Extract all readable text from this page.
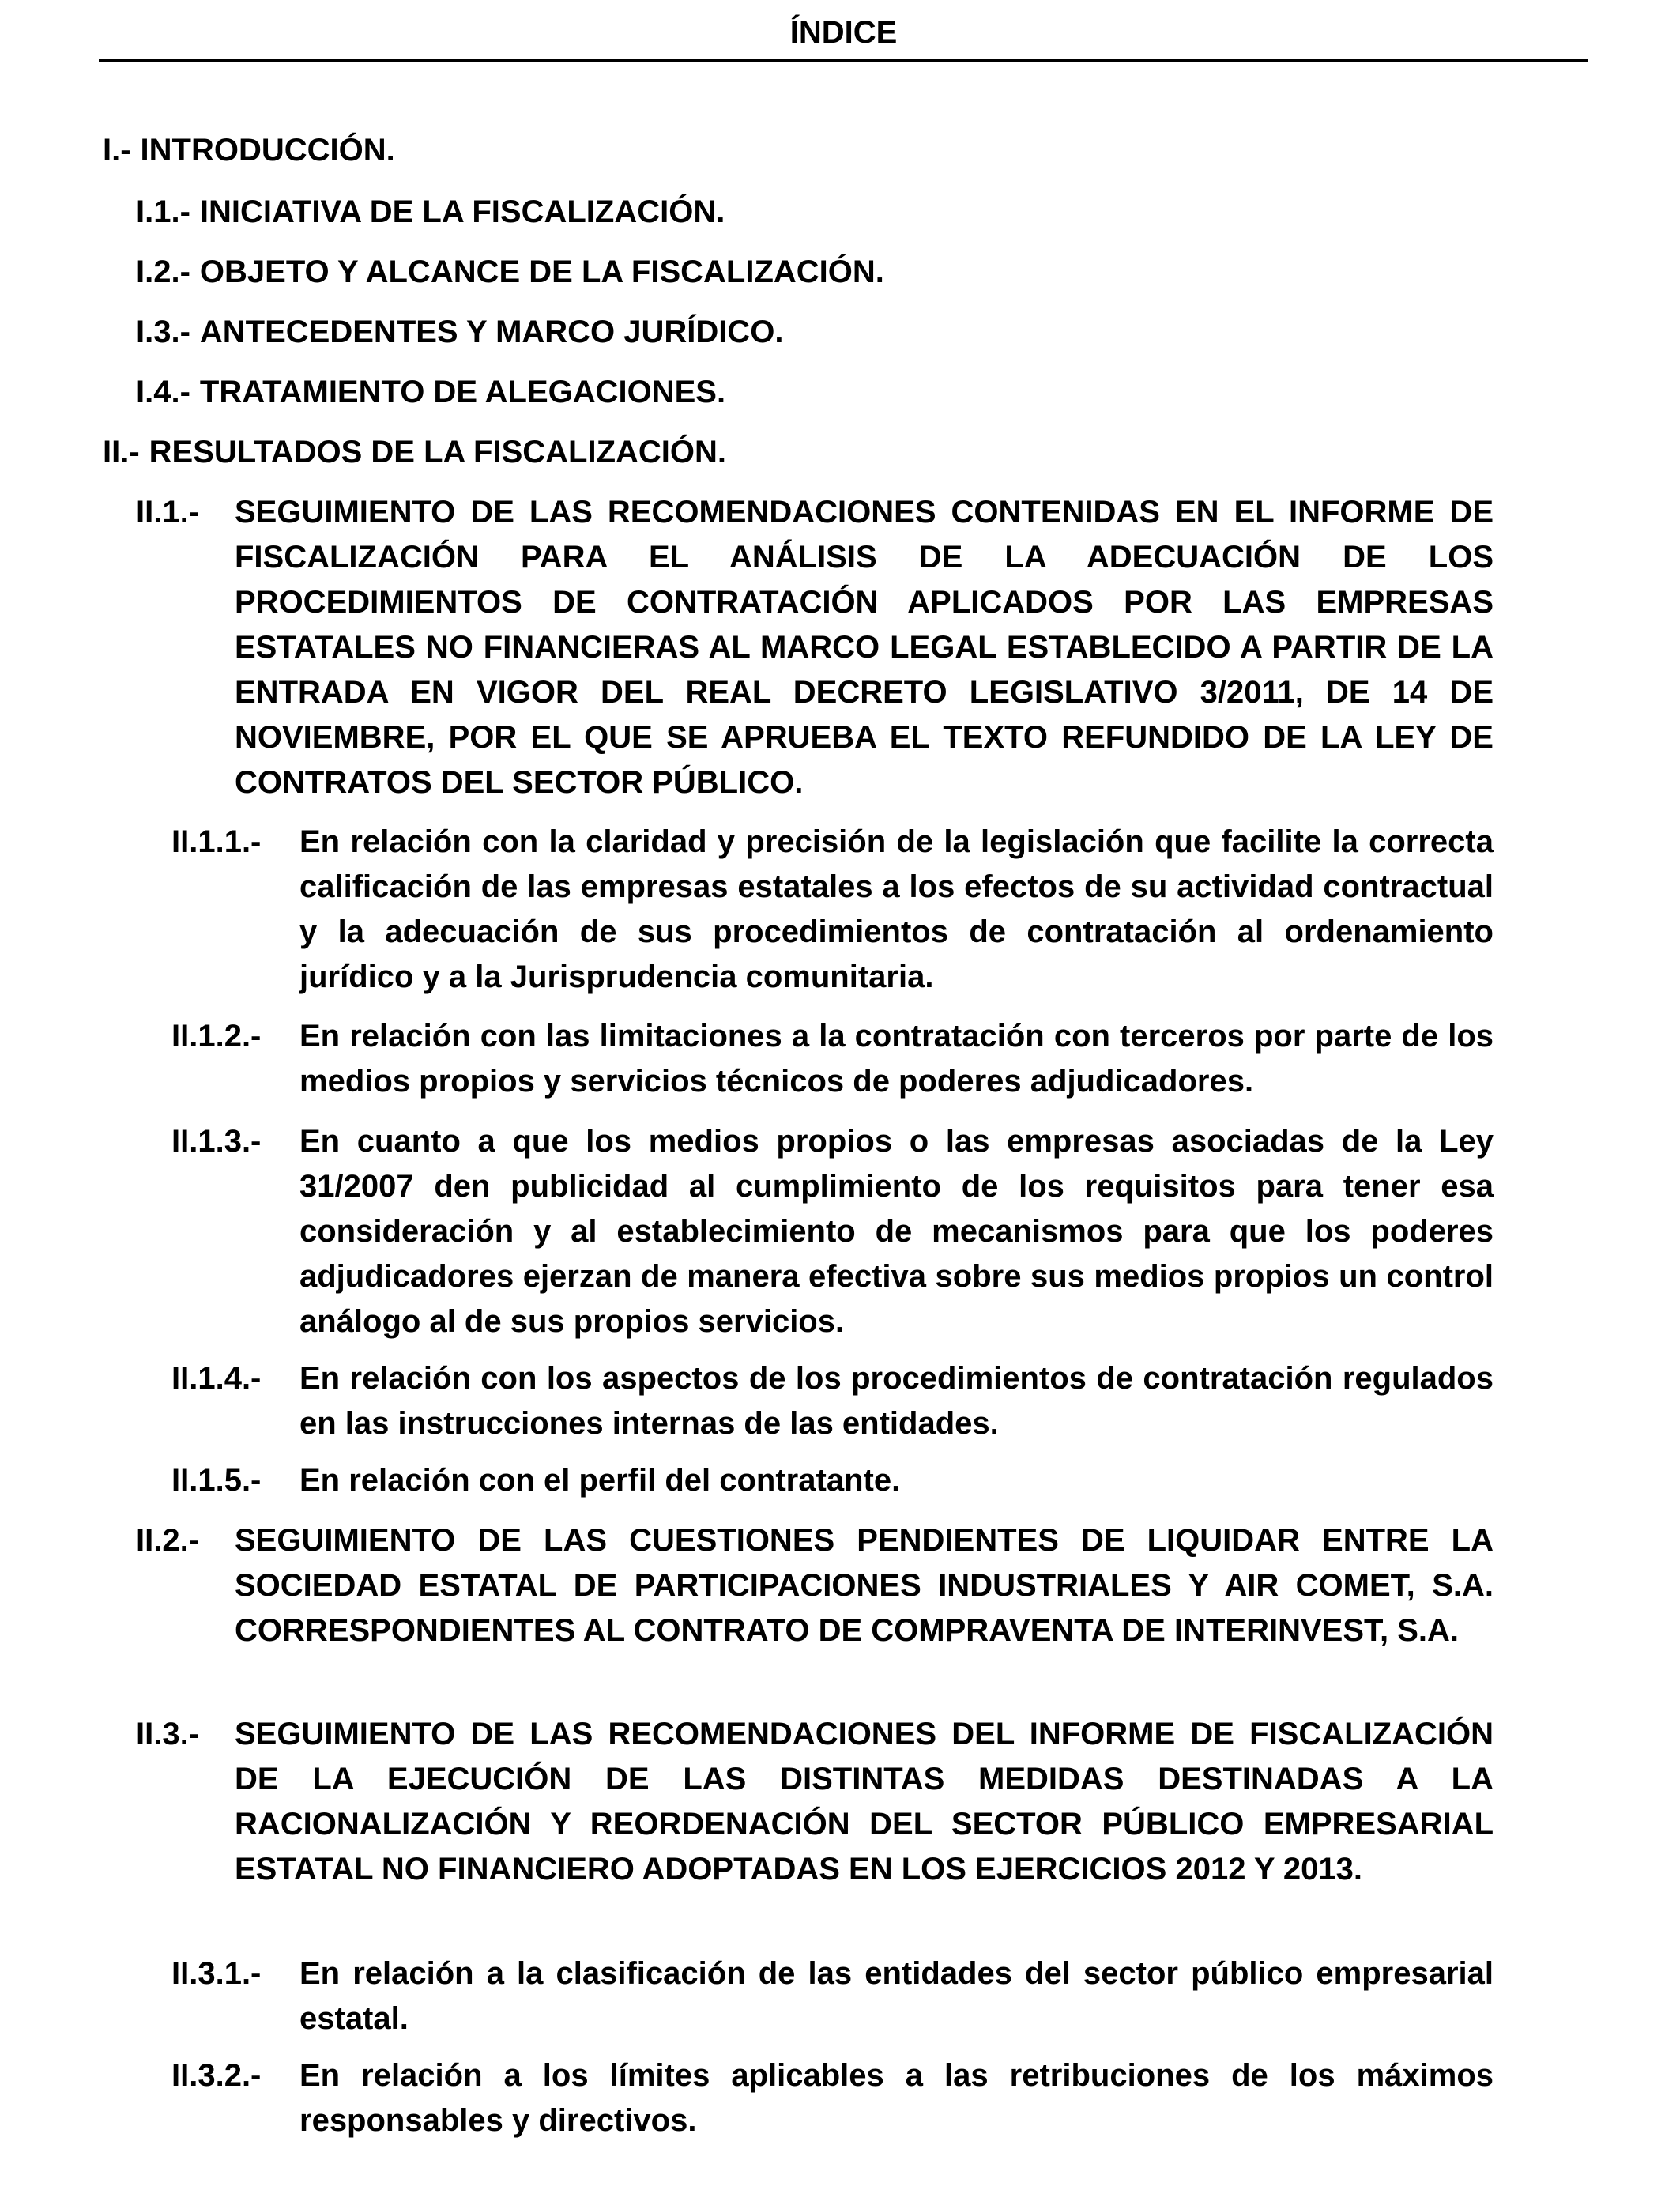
ÍNDICE
I.- INTRODUCCIÓN.
I.1.- INICIATIVA DE LA FISCALIZACIÓN.
I.2.- OBJETO Y ALCANCE DE LA FISCALIZACIÓN.
I.3.- ANTECEDENTES Y MARCO JURÍDICO.
I.4.- TRATAMIENTO DE ALEGACIONES.
II.- RESULTADOS DE LA FISCALIZACIÓN.
II.1.-	SEGUIMIENTO DE LAS RECOMENDACIONES CONTENIDAS EN EL INFORME DE FISCALIZACIÓN PARA EL ANÁLISIS DE LA ADECUACIÓN DE LOS PROCEDIMIENTOS DE CONTRATACIÓN APLICADOS POR LAS EMPRESAS ESTATALES NO FINANCIERAS AL MARCO LEGAL ESTABLECIDO A PARTIR DE LA ENTRADA EN VIGOR DEL REAL DECRETO LEGISLATIVO 3/2011, DE 14 DE NOVIEMBRE, POR EL QUE SE APRUEBA EL TEXTO REFUNDIDO DE LA LEY DE CONTRATOS DEL SECTOR PÚBLICO.
II.1.1.-	En relación con la claridad y precisión de la legislación que facilite la correcta calificación de las empresas estatales a los efectos de su actividad contractual y la adecuación de sus procedimientos de contratación al ordenamiento jurídico y a la Jurisprudencia comunitaria.
II.1.2.-	En relación con las limitaciones a la contratación con terceros por parte de los medios propios y servicios técnicos de poderes adjudicadores.
II.1.3.-	En cuanto a que los medios propios o las empresas asociadas de la Ley 31/2007 den publicidad al cumplimiento de los requisitos para tener esa consideración y al establecimiento de mecanismos para que los poderes adjudicadores ejerzan de manera efectiva sobre sus medios propios un control análogo al de sus propios servicios.
II.1.4.-	En relación con los aspectos de los procedimientos de contratación regulados en las instrucciones internas de las entidades.
II.1.5.-	En relación con el perfil del contratante.
II.2.-	SEGUIMIENTO DE LAS CUESTIONES PENDIENTES DE LIQUIDAR ENTRE LA SOCIEDAD ESTATAL DE PARTICIPACIONES INDUSTRIALES Y AIR COMET, S.A. CORRESPONDIENTES AL CONTRATO DE COMPRAVENTA DE INTERINVEST, S.A.
II.3.-	SEGUIMIENTO DE LAS RECOMENDACIONES DEL INFORME DE FISCALIZACIÓN DE LA EJECUCIÓN DE LAS DISTINTAS MEDIDAS DESTINADAS A LA RACIONALIZACIÓN Y REORDENACIÓN DEL SECTOR PÚBLICO EMPRESARIAL ESTATAL NO FINANCIERO ADOPTADAS EN LOS EJERCICIOS 2012 Y 2013.
II.3.1.-	En relación a la clasificación de las entidades del sector público empresarial estatal.
II.3.2.-	En relación a los límites aplicables a las retribuciones de los máximos responsables y directivos.
